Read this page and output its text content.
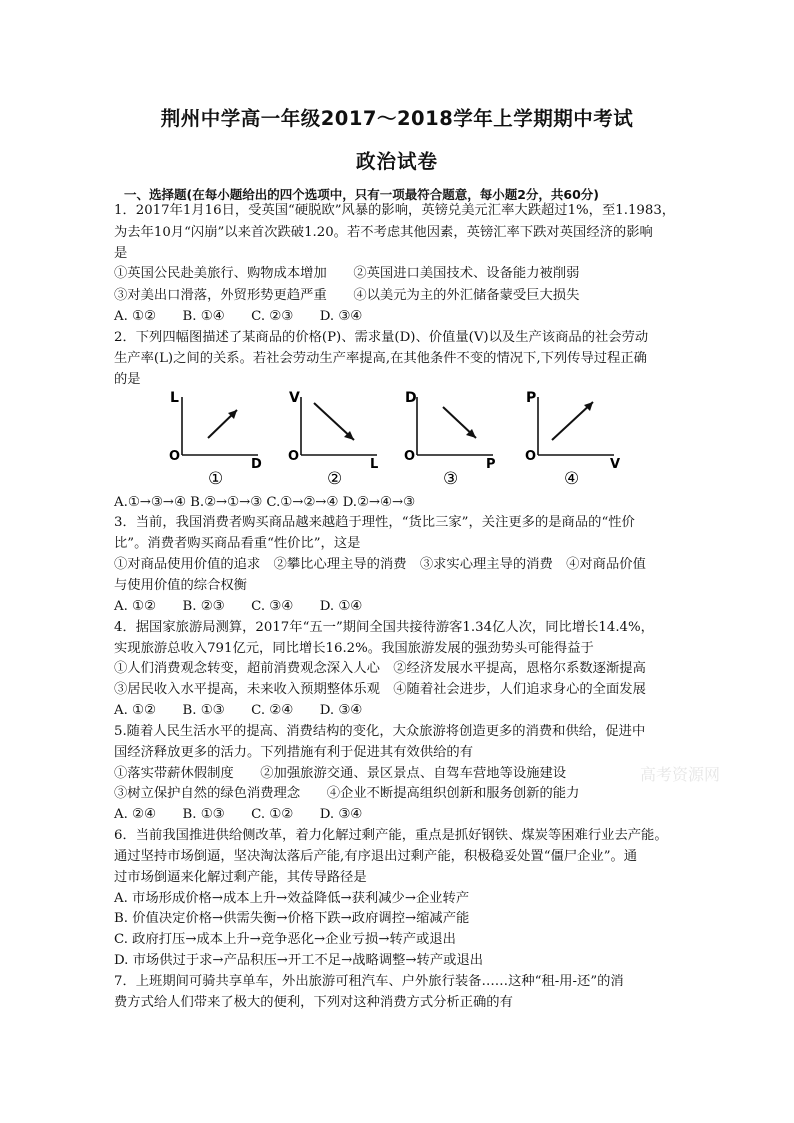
荆州中学高一年级2017～2018学年上学期期中考试
政治试卷
一、选择题(在每小题给出的四个选项中，只有一项最符合题意，每小题2分，共60分)
1．2017年1月16日，受英国“硬脱欧”风暴的影响，英镑兑美元汇率大跌超过1%，至1.1983，
为去年10月“闪崩”以来首次跌破1.20。若不考虑其他因素，英镑汇率下跌对英国经济的影响
是
①英国公民赴美旅行、购物成本增加　　②英国进口美国技术、设备能力被削弱
③对美出口滑落，外贸形势更趋严重　　④以美元为主的外汇储备蒙受巨大损失
A. ①②　　B. ①④　　C. ②③　　D. ③④
2．下列四幅图描述了某商品的价格(P)、需求量(D)、价值量(V)以及生产该商品的社会劳动
生产率(L)之间的关系。若社会劳动生产率提高,在其他条件不变的情况下,下列传导过程正确
的是
L
O
D
①
V
O
L
②
D
O
P
③
P
O
V
④
A.①→③→④ B.②→①→③ C.①→②→④ D.②→④→③
3．当前，我国消费者购买商品越来越趋于理性，“货比三家”，关注更多的是商品的“性价
比”。消费者购买商品看重“性价比”，这是
①对商品使用价值的追求　②攀比心理主导的消费　③求实心理主导的消费　④对商品价值
与使用价值的综合权衡
A. ①②　　B. ②③　　C. ③④　　D. ①④
4．据国家旅游局测算，2017年“五一”期间全国共接待游客1.34亿人次，同比增长14.4%，
实现旅游总收入791亿元，同比增长16.2%。我国旅游发展的强劲势头可能得益于
①人们消费观念转变，超前消费观念深入人心　②经济发展水平提高，恩格尔系数逐渐提高
③居民收入水平提高，未来收入预期整体乐观　④随着社会进步，人们追求身心的全面发展
A. ①②　　B. ①③　　C. ②④　　D. ③④
5.随着人民生活水平的提高、消费结构的变化，大众旅游将创造更多的消费和供给，促进中
国经济释放更多的活力。下列措施有利于促进其有效供给的有
①落实带薪休假制度　　②加强旅游交通、景区景点、自驾车营地等设施建设
③树立保护自然的绿色消费理念　　④企业不断提高组织创新和服务创新的能力
A. ②④　　B. ①③　　C. ①②　　D. ③④
6．当前我国推进供给侧改革，着力化解过剩产能，重点是抓好钢铁、煤炭等困难行业去产能。
通过坚持市场倒逼，坚决淘汰落后产能,有序退出过剩产能，积极稳妥处置“僵尸企业”。通
过市场倒逼来化解过剩产能，其传导路径是
A. 市场形成价格→成本上升→效益降低→获利减少→企业转产
B. 价值决定价格→供需失衡→价格下跌→政府调控→缩减产能
C. 政府打压→成本上升→竞争恶化→企业亏损→转产或退出
D. 市场供过于求→产品积压→开工不足→战略调整→转产或退出
7．上班期间可骑共享单车，外出旅游可租汽车、户外旅行装备……这种“租-用-还”的消
费方式给人们带来了极大的便利，下列对这种消费方式分析正确的有
高考资源网
